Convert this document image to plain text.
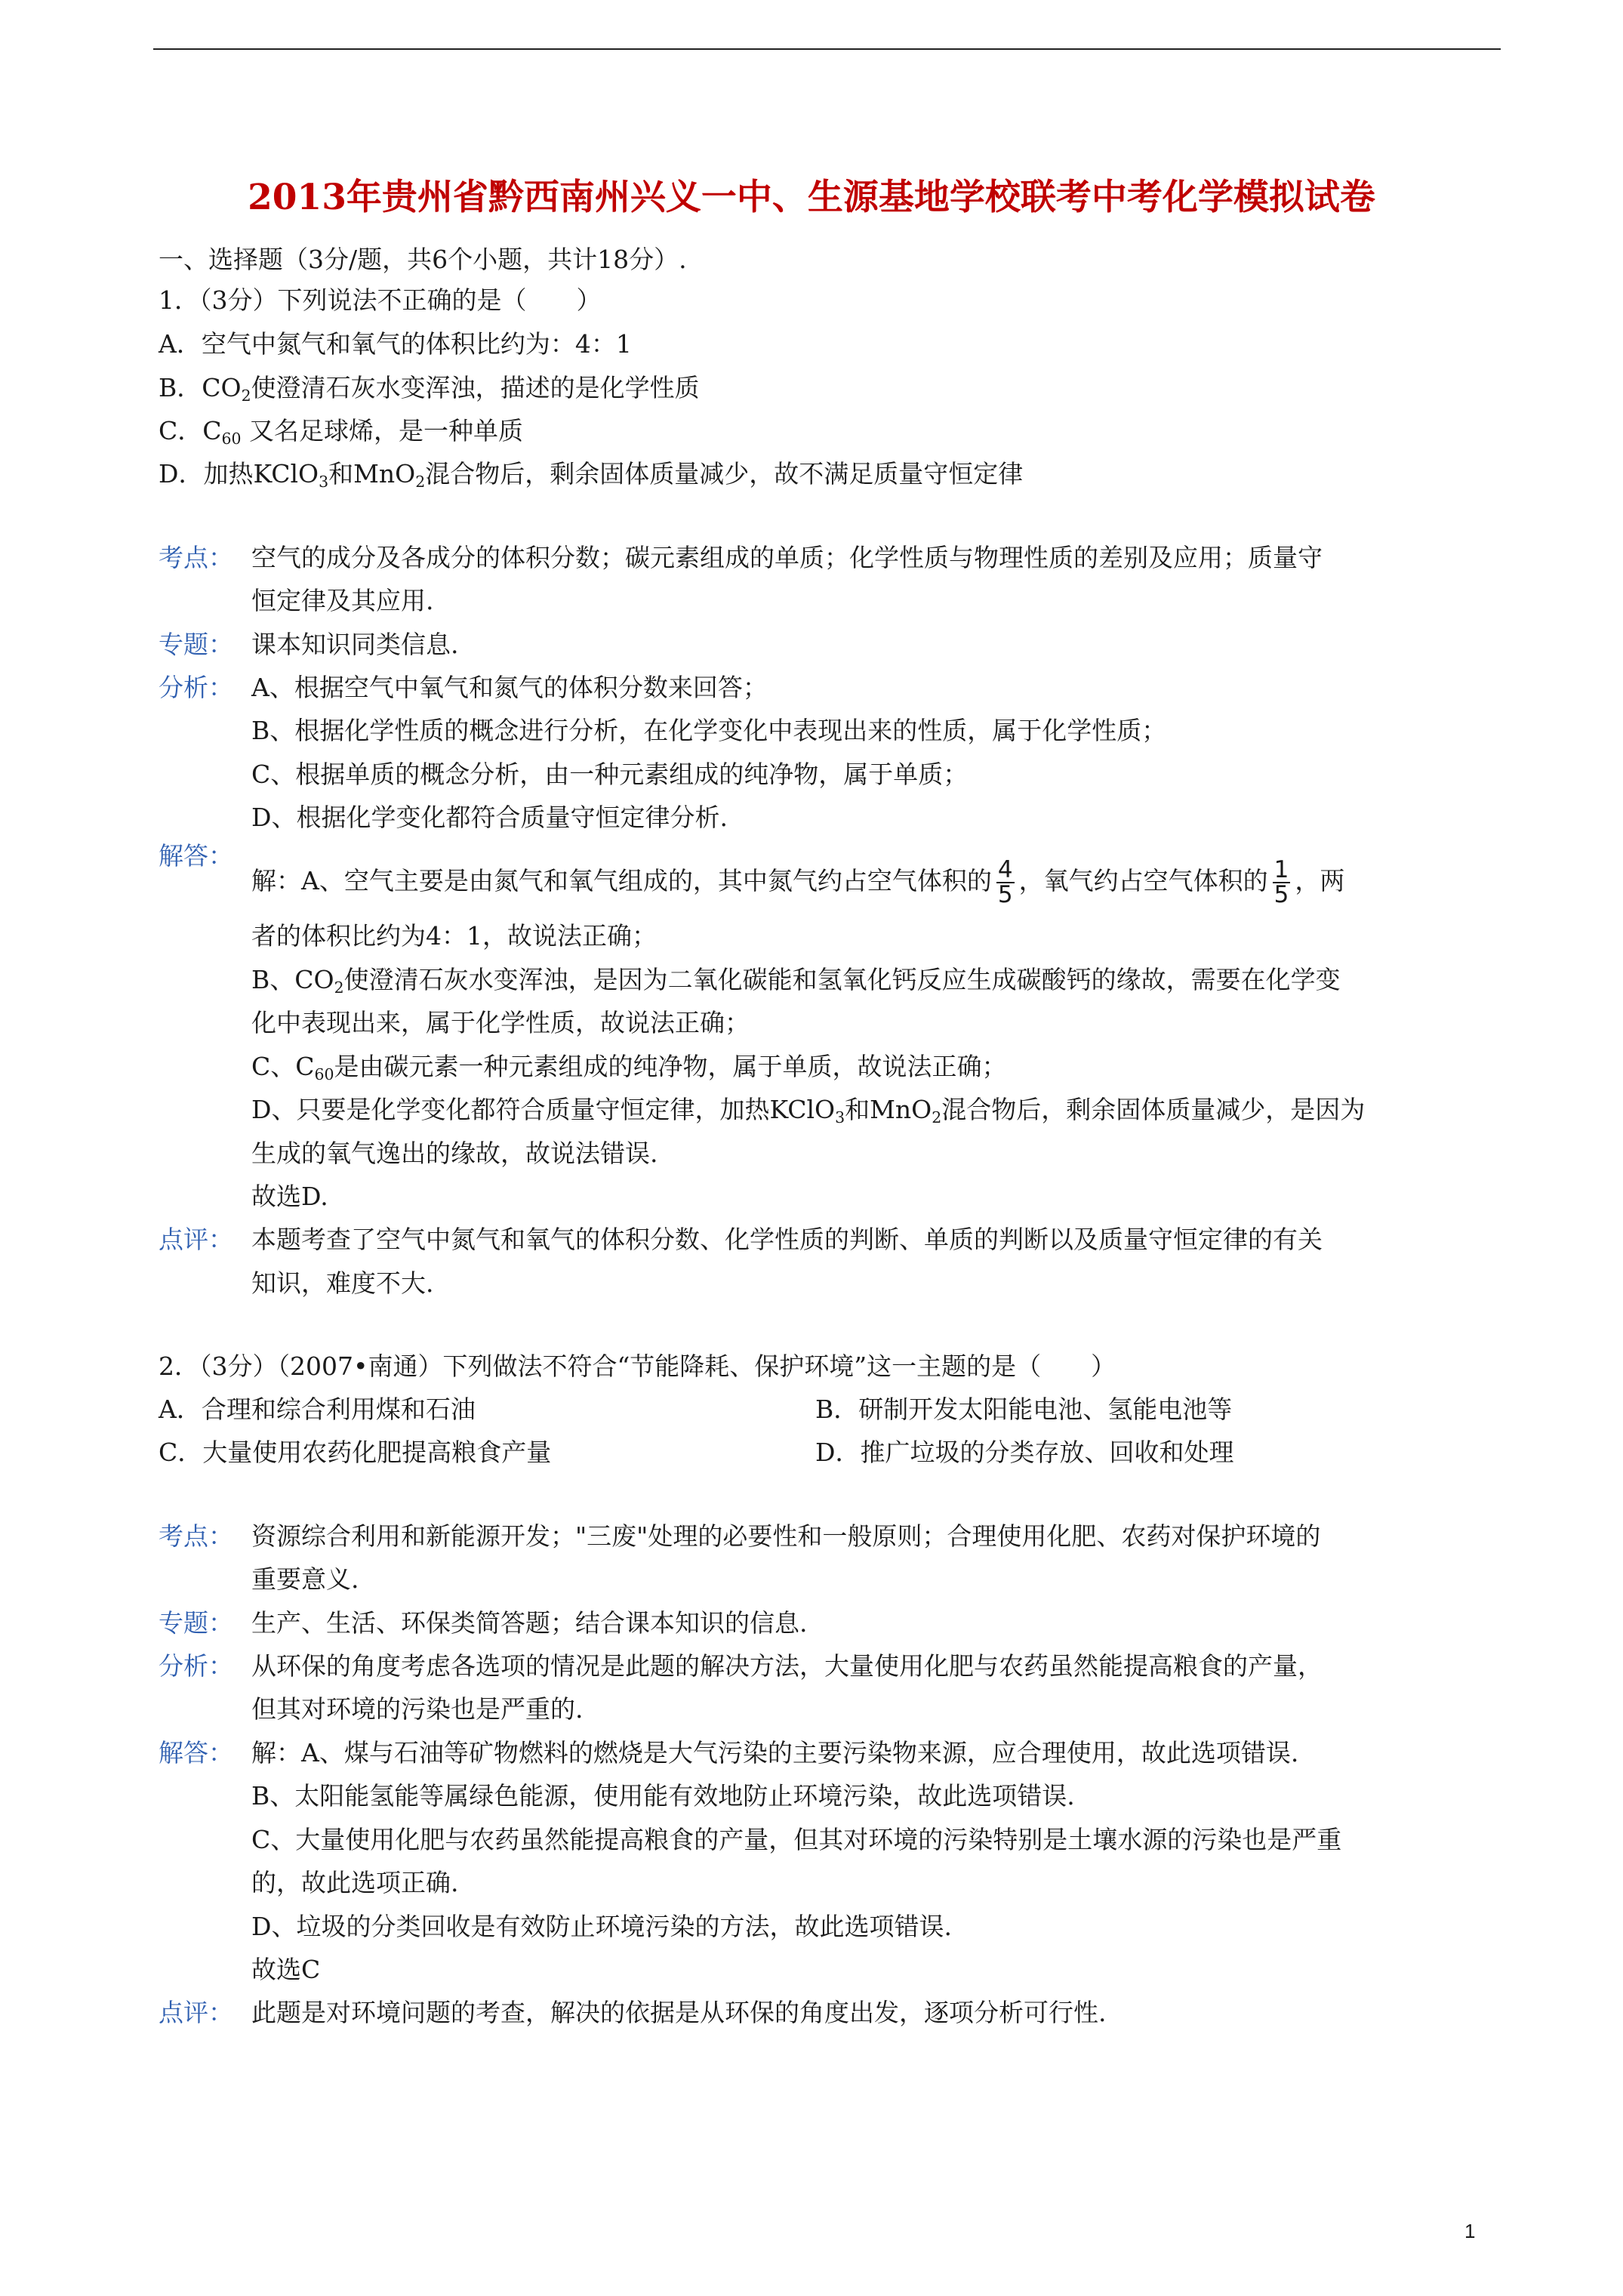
2013年贵州省黔西南州兴义一中、生源基地学校联考中考化学模拟试卷
一、选择题（3分/题，共6个小题，共计18分）.
1．（3分）下列说法不正确的是（　　）
A．空气中氮气和氧气的体积比约为：4：1
B．$CO_2$使澄清石灰水变浑浊，描述的是化学性质
C．$C_{60}$ 又名足球烯，是一种单质
D．加热KClO$_3$和MnO$_2$混合物后，剩余固体质量减少，故不满足质量守恒定律
考点： 空气的成分及各成分的体积分数；碳元素组成的单质；化学性质与物理性质的差别及应用；质量守
恒定律及其应用.
专题： 课本知识同类信息.
分析： A、根据空气中氧气和氮气的体积分数来回答；
B、根据化学性质的概念进行分析，在化学变化中表现出来的性质，属于化学性质；
C、根据单质的概念分析，由一种元素组成的纯净物，属于单质；
D、根据化学变化都符合质量守恒定律分析.
解答：
解：A、空气主要是由氮气和氧气组成的，其中氮气约占空气体积的 $\frac{4}{5}$ ，氧气约占空气体积的 $\frac{1}{5}$ ，两
者的体积比约为4：1，故说法正确；
B、$CO_2$使澄清石灰水变浑浊，是因为二氧化碳能和氢氧化钙反应生成碳酸钙的缘故，需要在化学变
化中表现出来，属于化学性质，故说法正确；
C、$C_{60}$是由碳元素一种元素组成的纯净物，属于单质，故说法正确；
D、只要是化学变化都符合质量守恒定律，加热KClO$_3$和MnO$_2$混合物后，剩余固体质量减少，是因为
生成的氧气逸出的缘故，故说法错误.
故选D.
点评： 本题考查了空气中氮气和氧气的体积分数、化学性质的判断、单质的判断以及质量守恒定律的有关
知识，难度不大.
2．（3分）（2007•南通）下列做法不符合“节能降耗、保护环境”这一主题的是（　　）
A．合理和综合利用煤和石油	B．研制开发太阳能电池、氢能电池等
C．大量使用农药化肥提高粮食产量	D．推广垃圾的分类存放、回收和处理
考点： 资源综合利用和新能源开发；"三废"处理的必要性和一般原则；合理使用化肥、农药对保护环境的
重要意义.
专题： 生产、生活、环保类简答题；结合课本知识的信息.
分析： 从环保的角度考虑各选项的情况是此题的解决方法，大量使用化肥与农药虽然能提高粮食的产量，
但其对环境的污染也是严重的.
解答： 解：A、煤与石油等矿物燃料的燃烧是大气污染的主要污染物来源，应合理使用，故此选项错误.
B、太阳能氢能等属绿色能源，使用能有效地防止环境污染，故此选项错误.
C、大量使用化肥与农药虽然能提高粮食的产量，但其对环境的污染特别是土壤水源的污染也是严重
的，故此选项正确.
D、垃圾的分类回收是有效防止环境污染的方法，故此选项错误.
故选C
点评： 此题是对环境问题的考查，解决的依据是从环保的角度出发，逐项分析可行性.
1
